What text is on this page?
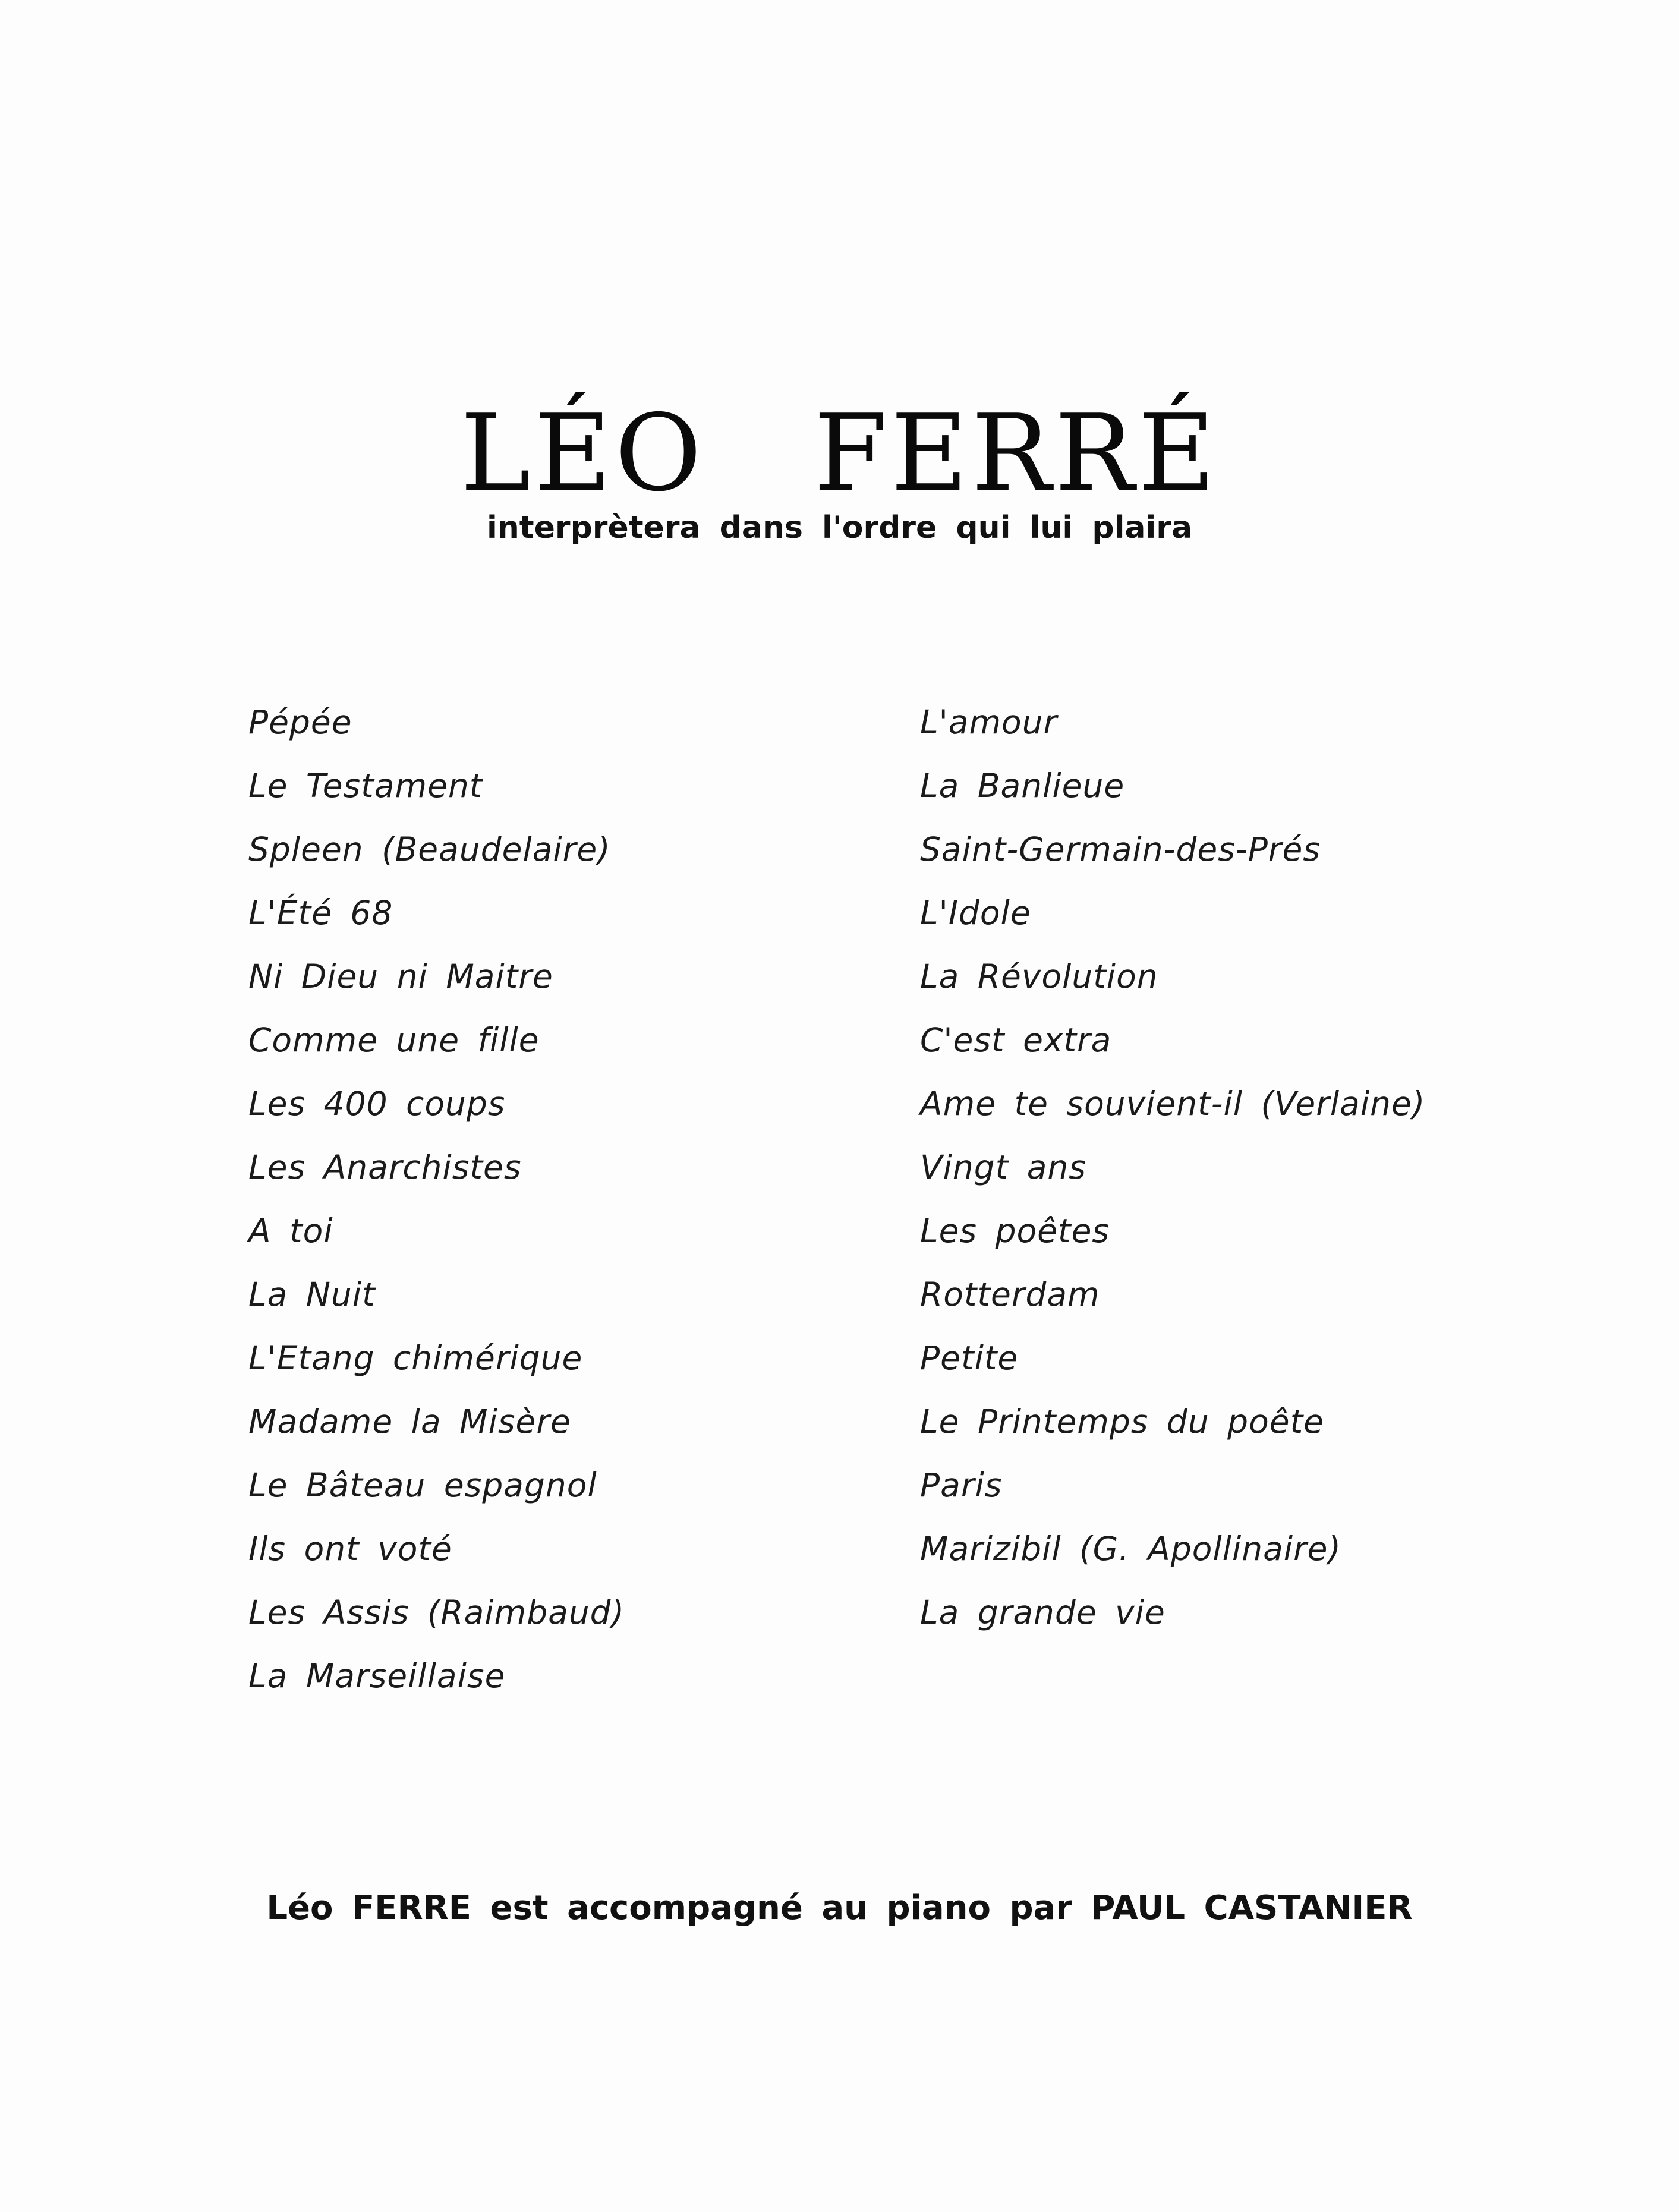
LÉO FERRÉ
interprètera dans l'ordre qui lui plaira
Pépée
Le Testament
Spleen (Beaudelaire)
L'Été 68
Ni Dieu ni Maitre
Comme une fille
Les 400 coups
Les Anarchistes
A toi
La Nuit
L'Etang chimérique
Madame la Misère
Le Bâteau espagnol
Ils ont voté
Les Assis (Raimbaud)
La Marseillaise
L'amour
La Banlieue
Saint-Germain-des-Prés
L'Idole
La Révolution
C'est extra
Ame te souvient-il (Verlaine)
Vingt ans
Les poêtes
Rotterdam
Petite
Le Printemps du poête
Paris
Marizibil (G. Apollinaire)
La grande vie
Léo FERRE est accompagné au piano par PAUL CASTANIER
